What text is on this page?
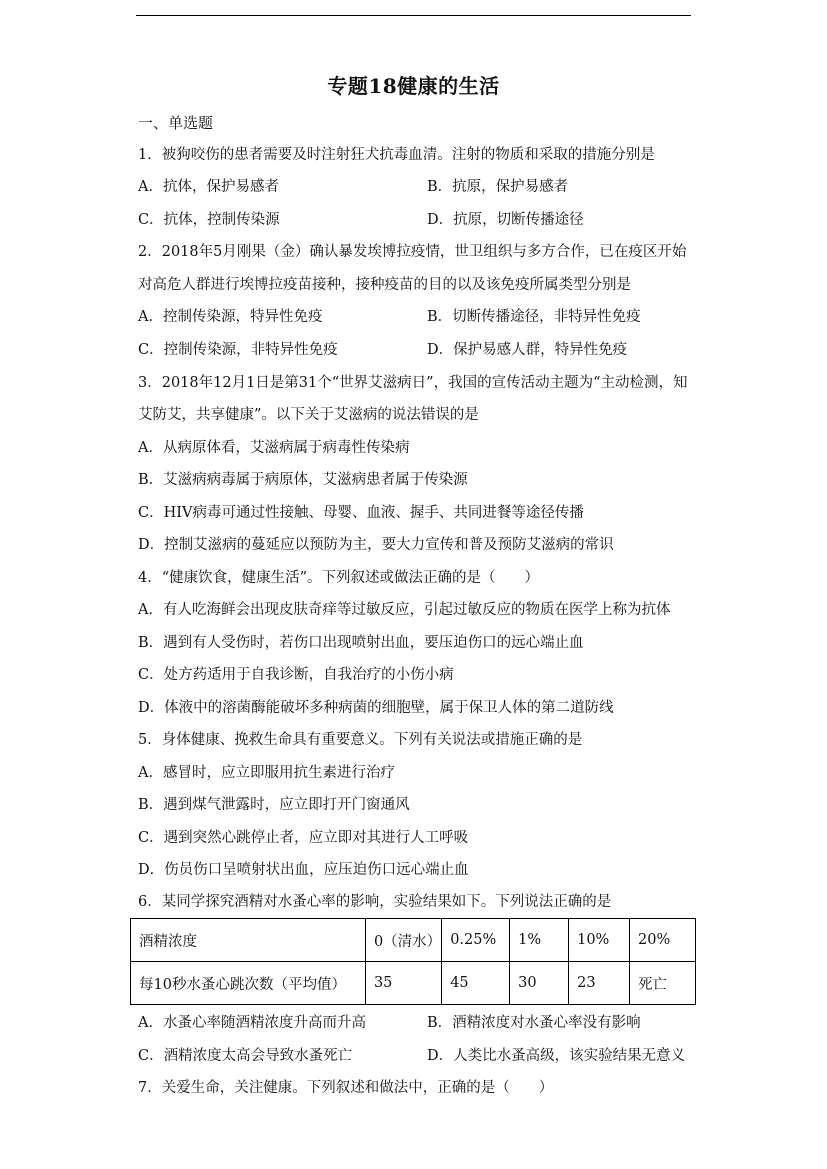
专题18健康的生活
一、单选题
1．被狗咬伤的患者需要及时注射狂犬抗毒血清。注射的物质和采取的措施分别是
A．抗体，保护易感者	B．抗原，保护易感者
C．抗体，控制传染源	D．抗原，切断传播途径
2．2018年5月刚果（金）确认暴发埃博拉疫情，世卫组织与多方合作，已在疫区开始
对高危人群进行埃博拉疫苗接种，接种疫苗的目的以及该免疫所属类型分别是
A．控制传染源，特异性免疫	B．切断传播途径，非特异性免疫
C．控制传染源，非特异性免疫	D．保护易感人群，特异性免疫
3．2018年12月1日是第31个“世界艾滋病日”，我国的宣传活动主题为“主动检测，知
艾防艾，共享健康”。以下关于艾滋病的说法错误的是
A．从病原体看，艾滋病属于病毒性传染病
B．艾滋病病毒属于病原体，艾滋病患者属于传染源
C．HIV病毒可通过性接触、母婴、血液、握手、共同进餐等途径传播
D．控制艾滋病的蔓延应以预防为主，要大力宣传和普及预防艾滋病的常识
4．“健康饮食，健康生活”。下列叙述或做法正确的是（　　）
A．有人吃海鲜会出现皮肤奇痒等过敏反应，引起过敏反应的物质在医学上称为抗体
B．遇到有人受伤时，若伤口出现喷射出血，要压迫伤口的远心端止血
C．处方药适用于自我诊断，自我治疗的小伤小病
D．体液中的溶菌酶能破坏多种病菌的细胞壁，属于保卫人体的第二道防线
5．身体健康、挽救生命具有重要意义。下列有关说法或措施正确的是
A．感冒时，应立即服用抗生素进行治疗
B．遇到煤气泄露时，应立即打开门窗通风
C．遇到突然心跳停止者，应立即对其进行人工呼吸
D．伤员伤口呈喷射状出血，应压迫伤口远心端止血
6．某同学探究酒精对水蚤心率的影响，实验结果如下。下列说法正确的是
酒精浓度	0（清水）	0.25%	1%	10%	20%
每10秒水蚤心跳次数（平均值）	35	45	30	23	死亡
A．水蚤心率随酒精浓度升高而升高	B．酒精浓度对水蚤心率没有影响
C．酒精浓度太高会导致水蚤死亡	D．人类比水蚤高级，该实验结果无意义
7．关爱生命，关注健康。下列叙述和做法中，正确的是（　　）
